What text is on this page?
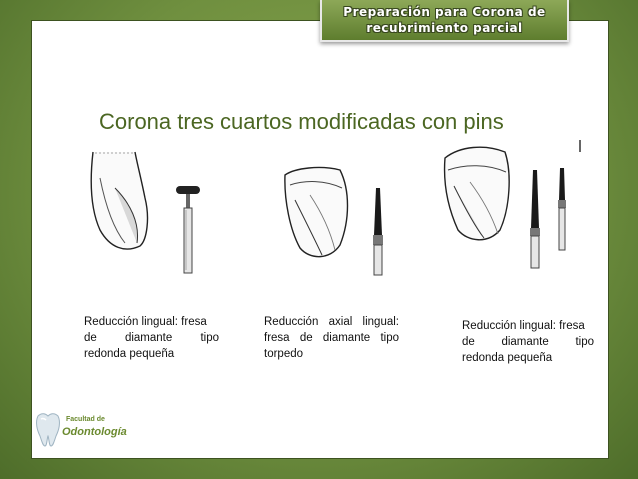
Preparación para Corona de
recubrimiento parcial
Corona tres cuartos modificadas con pins
Reducción lingual: fresa
de diamante tipo
redonda pequeña
Reducción axial lingual:
fresa de diamante tipo
torpedo
Reducción lingual: fresa
de diamante tipo
redonda pequeña
Facultad de
Odontología
